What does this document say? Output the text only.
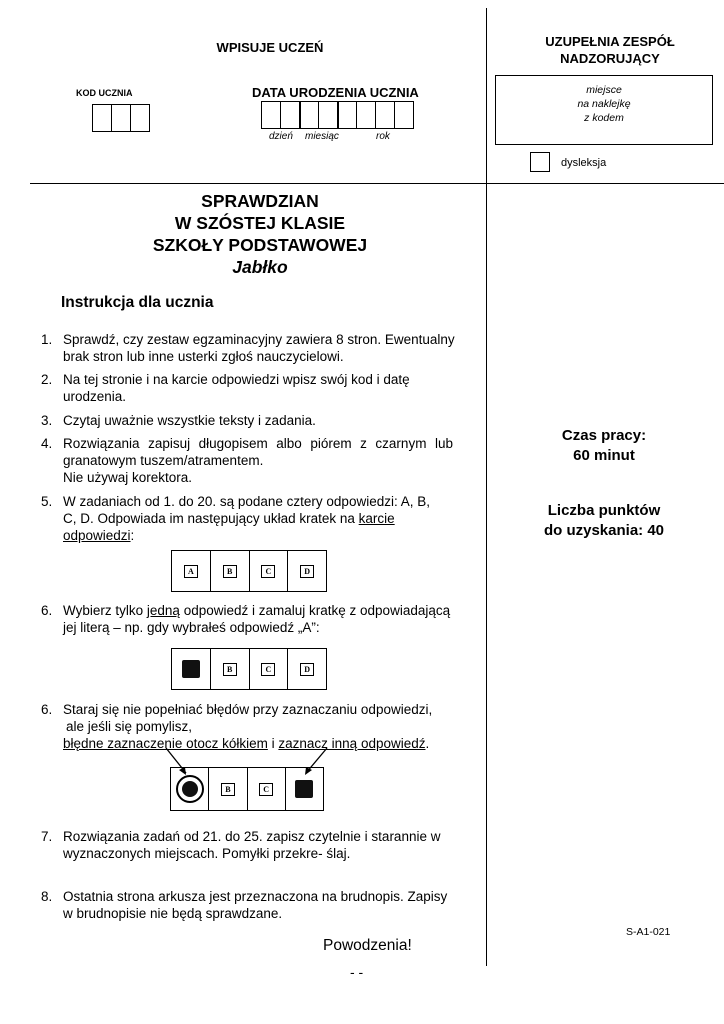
WPISUJE UCZEŃ
KOD UCZNIA	DATA URODZENIA UCZNIA
dzień miesiąc	rok
UZUPEŁNIA ZESPÓŁ NADZORUJĄCY
miejsce
na naklejkę
z kodem
dysleksja
SPRAWDZIAN
W SZÓSTEJ KLASIE
SZKOŁY PODSTAWOWEJ
Jabłko
Instrukcja dla ucznia
1. Sprawdź, czy zestaw egzaminacyjny zawiera 8 stron. Ewentualny brak stron lub inne usterki zgłoś nauczycielowi.
2. Na tej stronie i na karcie odpowiedzi wpisz swój kod i datę urodzenia.
3. Czytaj uważnie wszystkie teksty i zadania.
4. Rozwiązania zapisuj długopisem albo piórem z czarnym lub granatowym tuszem/atramentem.
Nie używaj korektora.
5. W zadaniach od 1. do 20. są podane cztery odpowiedzi: A, B, C, D. Odpowiada im następujący układ kratek na karcie odpowiedzi:
A	B	C	D
6. Wybierz tylko jedną odpowiedź i zamaluj kratkę z odpowiadającą jej literą – np. gdy wybrałeś odpowiedź „A”:
B	C	D
6. Staraj się nie popełniać błędów przy zaznaczaniu odpowiedzi,
ale jeśli się pomylisz,
błędne zaznaczenie otocz kółkiem i zaznacz inną odpowiedź.
B	C
7. Rozwiązania zadań od 21. do 25. zapisz czytelnie i starannie w wyznaczonych miejscach. Pomyłki przekre- ślaj.
8. Ostatnia strona arkusza jest przeznaczona na brudnopis. Zapisy w brudnopisie nie będą sprawdzane.
Czas pracy:
60 minut
Liczba punktów
do uzyskania: 40
S-A1-021
Powodzenia!
- -
